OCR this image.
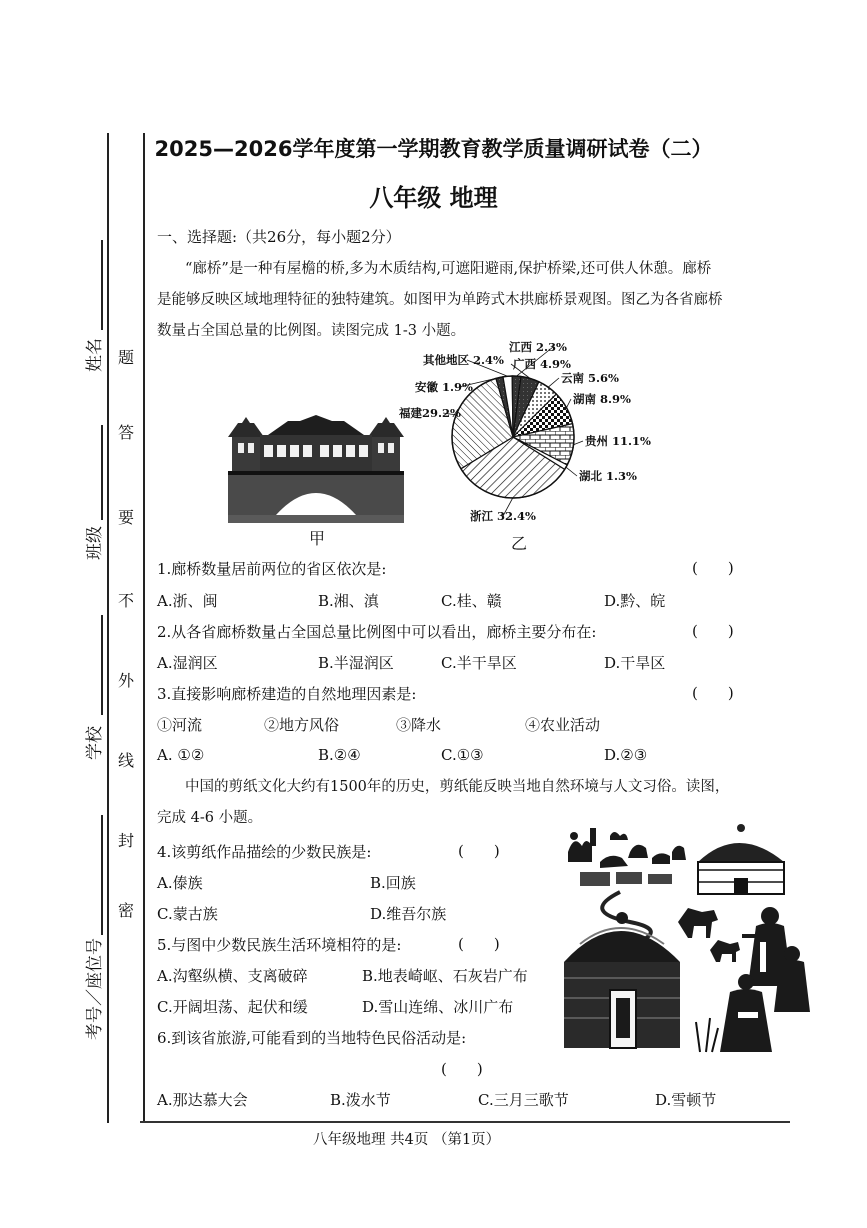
姓名
班级
学校
考号／座位号
题
答
要
不
外
线
封
密
2025—2026学年度第一学期教育教学质量调研试卷（二）
八年级 地理
一、选择题:（共26分，每小题2分）
“廊桥”是一种有屋檐的桥,多为木质结构,可遮阳避雨,保护桥梁,还可供人休憩。廊桥
是能够反映区域地理特征的独特建筑。如图甲为单跨式木拱廊桥景观图。图乙为各省廊桥
数量占全国总量的比例图。读图完成 1-3 小题。
甲
浙江 32.4%
福建29.2%
安徽 1.9%
其他地区 2.4%
江西 2.3%
广西 4.9%
云南 5.6%
湖南 8.9%
贵州 11.1%
湖北 1.3%
乙
1.廊桥数量居前两位的省区依次是:	(　　)
A.浙、闽	B.湘、滇	C.桂、赣	D.黔、皖
2.从各省廊桥数量占全国总量比例图中可以看出，廊桥主要分布在:	(　　)
A.湿润区	B.半湿润区	C.半干旱区	D.干旱区
3.直接影响廊桥建造的自然地理因素是:	(　　)
①河流	②地方风俗	③降水	④农业活动
A. ①②	B.②④	C.①③	D.②③
中国的剪纸文化大约有1500年的历史，剪纸能反映当地自然环境与人文习俗。读图，
完成 4-6 小题。
4.该剪纸作品描绘的少数民族是:	(　　)
A.傣族	B.回族
C.蒙古族	D.维吾尔族
5.与图中少数民族生活环境相符的是:	(　　)
A.沟壑纵横、支离破碎	B.地表崎岖、石灰岩广布
C.开阔坦荡、起伏和缓	D.雪山连绵、冰川广布
6.到该省旅游,可能看到的当地特色民俗活动是:
(　　)
A.那达慕大会	B.泼水节	C.三月三歌节	D.雪顿节
八年级地理 共4页 （第1页）
